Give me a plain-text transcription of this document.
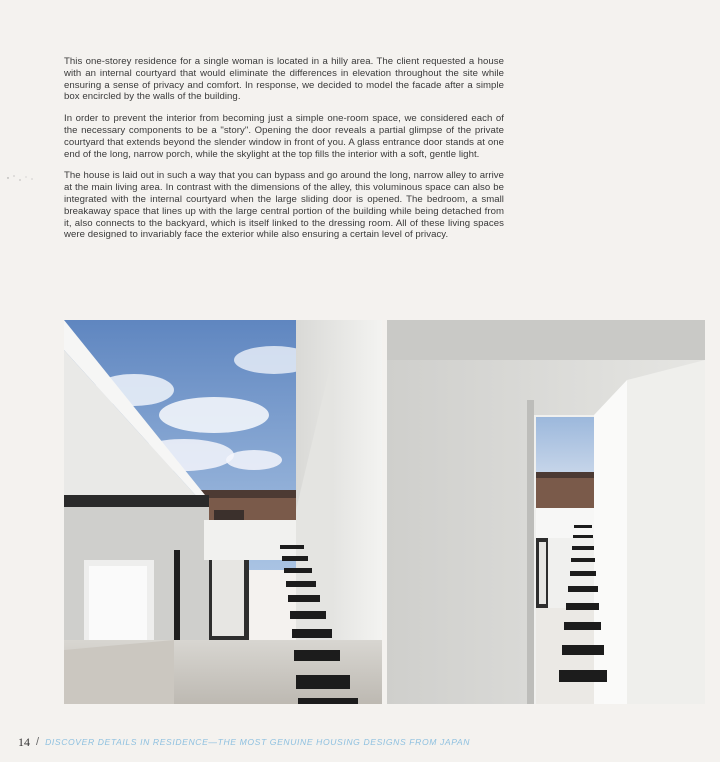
This one-storey residence for a single woman is located in a hilly area. The client requested a house with an internal courtyard that would eliminate the differences in elevation throughout the site while ensuring a sense of privacy and comfort. In response, we decided to model the facade after a simple box encircled by the walls of the building.

In order to prevent the interior from becoming just a simple one-room space, we considered each of the necessary components to be a "story". Opening the door reveals a partial glimpse of the private courtyard that extends beyond the slender window in front of you. A glass entrance door stands at one end of the long, narrow porch, while the skylight at the top fills the interior with a soft, gentle light.

The house is laid out in such a way that you can bypass and go around the long, narrow alley to arrive at the main living area. In contrast with the dimensions of the alley, this voluminous space can also be integrated with the internal courtyard when the large sliding door is opened. The bedroom, a small breakaway space that lines up with the large central portion of the building while being detached from it, also connects to the backyard, which is itself linked to the dressing room. All of these living spaces were designed to invariably face the exterior while also ensuring a certain level of privacy.

14 / DISCOVER DETAILS IN RESIDENCE—THE MOST GENUINE HOUSING DESIGNS FROM JAPAN
